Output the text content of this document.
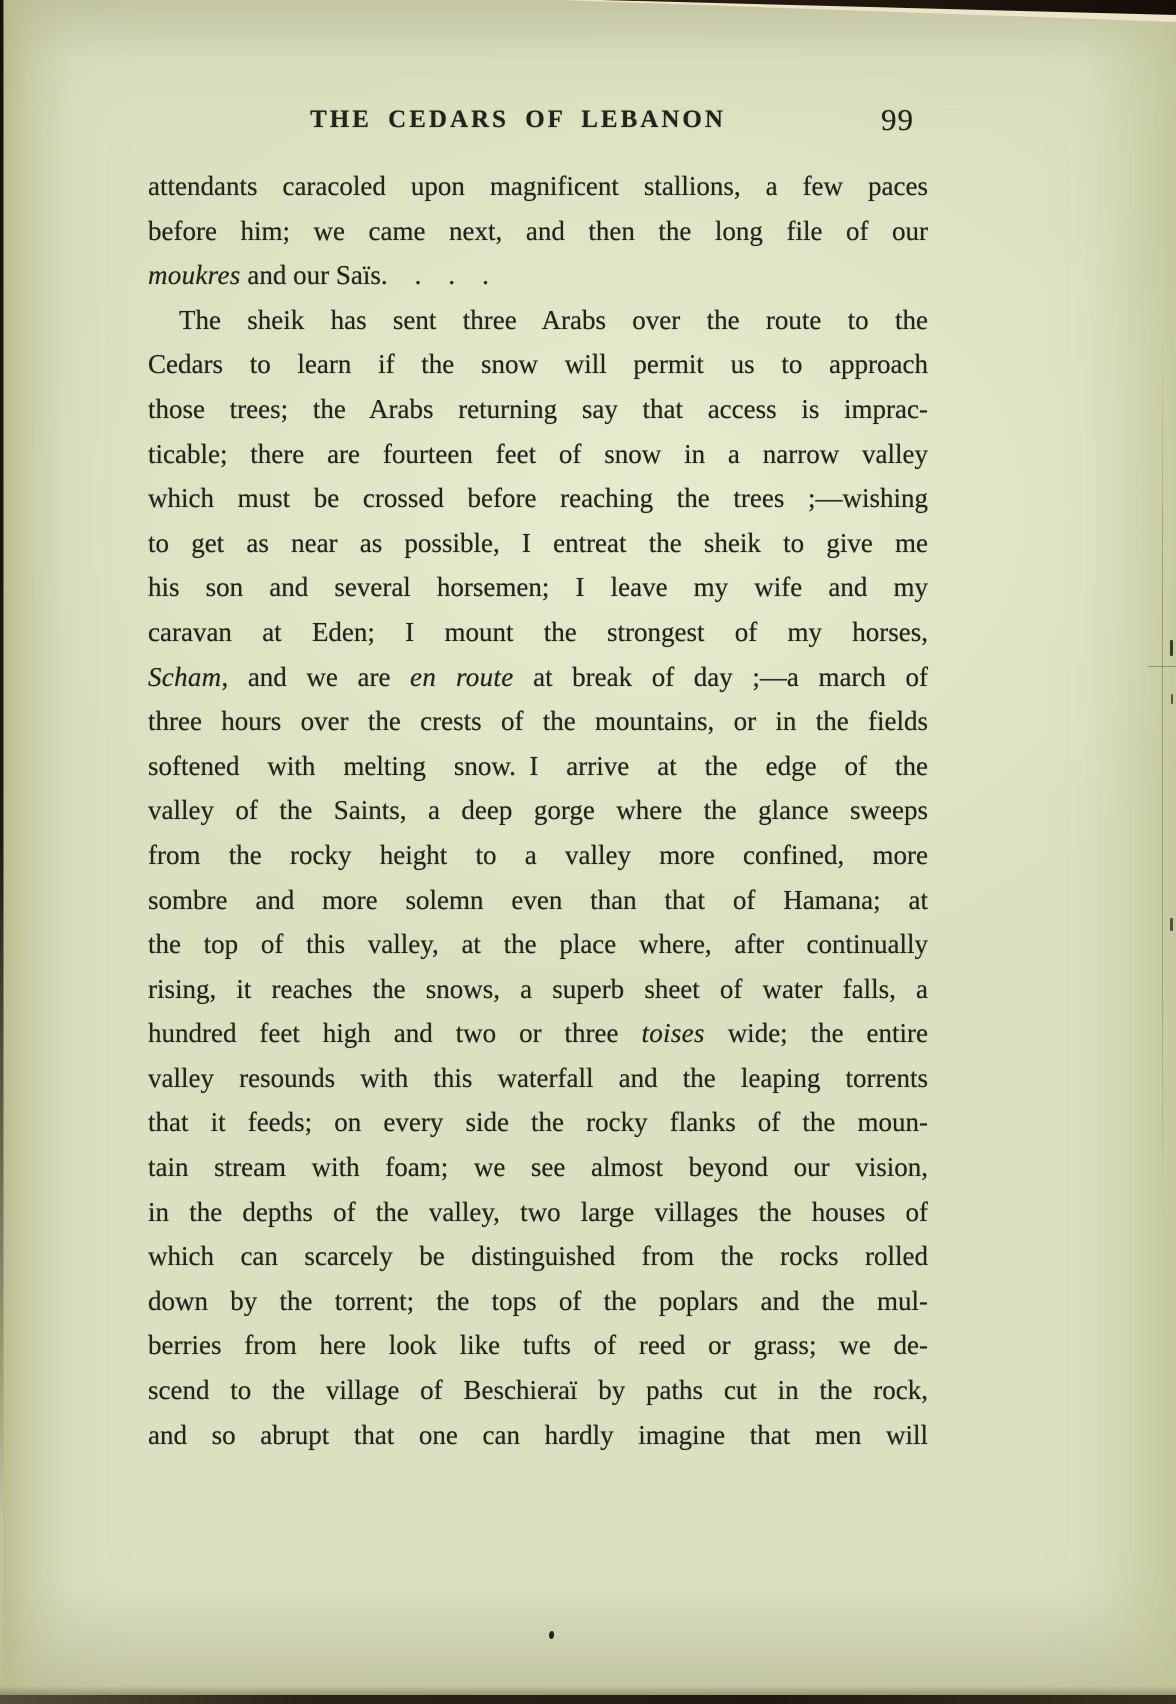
THE CEDARS OF LEBANON	99
attendants caracoled upon magnificent stallions, a few paces
before him; we came next, and then the long file of our
moukres and our Saïs.  .  .  .
The sheik has sent three Arabs over the route to the
Cedars to learn if the snow will permit us to approach
those trees; the Arabs returning say that access is imprac-
ticable; there are fourteen feet of snow in a narrow valley
which must be crossed before reaching the trees ;—wishing
to get as near as possible, I entreat the sheik to give me
his son and several horsemen; I leave my wife and my
caravan at Eden; I mount the strongest of my horses,
Scham, and we are en route at break of day ;—a march of
three hours over the crests of the mountains, or in the fields
softened with melting snow. I arrive at the edge of the
valley of the Saints, a deep gorge where the glance sweeps
from the rocky height to a valley more confined, more
sombre and more solemn even than that of Hamana; at
the top of this valley, at the place where, after continually
rising, it reaches the snows, a superb sheet of water falls, a
hundred feet high and two or three toises wide; the entire
valley resounds with this waterfall and the leaping torrents
that it feeds; on every side the rocky flanks of the moun-
tain stream with foam; we see almost beyond our vision,
in the depths of the valley, two large villages the houses of
which can scarcely be distinguished from the rocks rolled
down by the torrent; the tops of the poplars and the mul-
berries from here look like tufts of reed or grass; we de-
scend to the village of Beschieraï by paths cut in the rock,
and so abrupt that one can hardly imagine that men will
